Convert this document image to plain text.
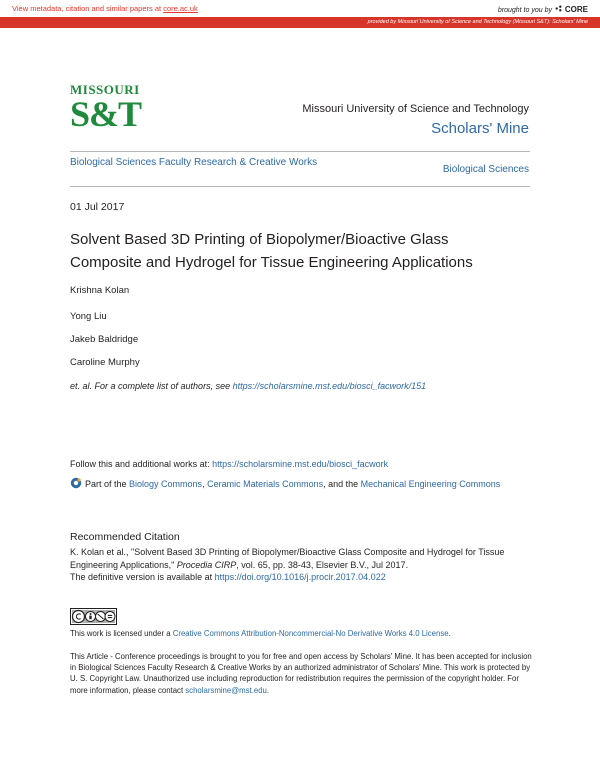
View metadata, citation and similar papers at core.ac.uk	brought to you by CORE
provided by Missouri University of Science and Technology (Missouri S&T): Scholars' Mine
MISSOURI
S&T	Missouri University of Science and Technology
Scholars' Mine
Biological Sciences Faculty Research & Creative Works
Biological Sciences
01 Jul 2017
Solvent Based 3D Printing of Biopolymer/Bioactive Glass Composite and Hydrogel for Tissue Engineering Applications
Krishna Kolan
Yong Liu
Jakeb Baldridge
Caroline Murphy
et. al. For a complete list of authors, see https://scholarsmine.mst.edu/biosci_facwork/151
Follow this and additional works at: https://scholarsmine.mst.edu/biosci_facwork
Part of the Biology Commons, Ceramic Materials Commons, and the Mechanical Engineering Commons
Recommended Citation
K. Kolan et al., "Solvent Based 3D Printing of Biopolymer/Bioactive Glass Composite and Hydrogel for Tissue Engineering Applications," Procedia CIRP, vol. 65, pp. 38-43, Elsevier B.V., Jul 2017.
The definitive version is available at https://doi.org/10.1016/j.procir.2017.04.022
This work is licensed under a Creative Commons Attribution-Noncommercial-No Derivative Works 4.0 License.
This Article - Conference proceedings is brought to you for free and open access by Scholars' Mine. It has been accepted for inclusion in Biological Sciences Faculty Research & Creative Works by an authorized administrator of Scholars' Mine. This work is protected by U. S. Copyright Law. Unauthorized use including reproduction for redistribution requires the permission of the copyright holder. For more information, please contact scholarsmine@mst.edu.
